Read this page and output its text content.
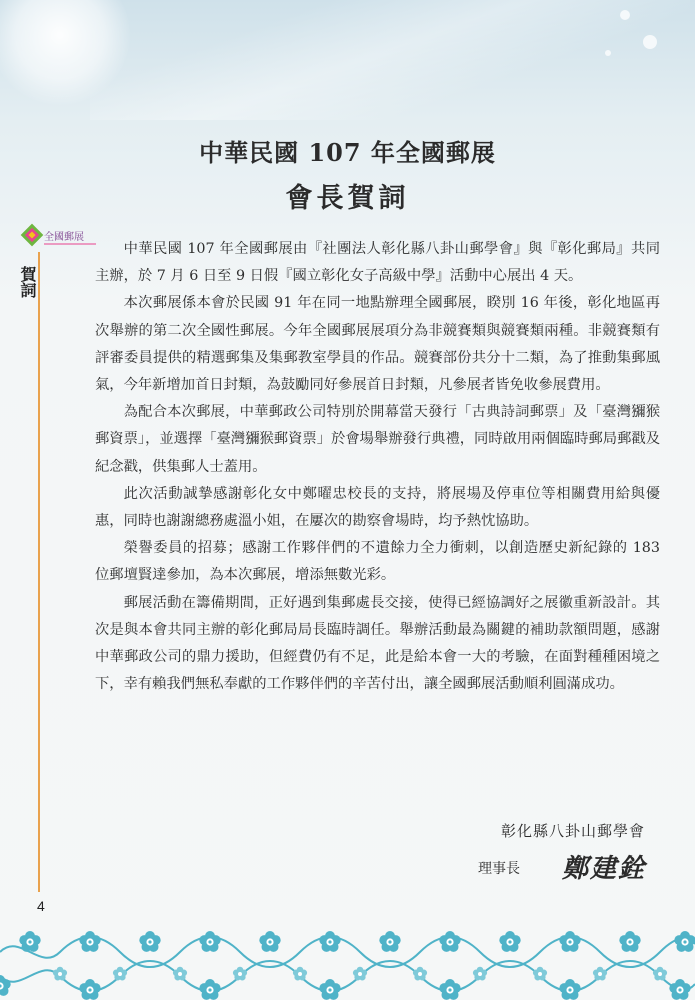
全國郵展
賀詞
4
中華民國 107 年全國郵展
會長賀詞

中華民國 107 年全國郵展由『社團法人彰化縣八卦山郵學會』與『彰化郵局』共同主辦，於 7 月 6 日至 9 日假『國立彰化女子高級中學』活動中心展出 4 天。

本次郵展係本會於民國 91 年在同一地點辦理全國郵展，睽別 16 年後，彰化地區再次舉辦的第二次全國性郵展。今年全國郵展展項分為非競賽類與競賽類兩種。非競賽類有評審委員提供的精選郵集及集郵教室學員的作品。競賽部份共分十二類，為了推動集郵風氣，今年新增加首日封類，為鼓勵同好參展首日封類，凡參展者皆免收參展費用。

為配合本次郵展，中華郵政公司特別於開幕當天發行「古典詩詞郵票」及「臺灣獼猴郵資票」，並選擇「臺灣獼猴郵資票」於會場舉辦發行典禮，同時啟用兩個臨時郵局郵戳及紀念戳，供集郵人士蓋用。

此次活動誠摯感謝彰化女中鄭曜忠校長的支持，將展場及停車位等相關費用給與優惠，同時也謝謝總務處溫小姐，在屢次的勘察會場時，均予熱忱協助。

榮譽委員的招募；感謝工作夥伴們的不遺餘力全力衝刺，以創造歷史新紀錄的 183 位郵壇賢達參加，為本次郵展，增添無數光彩。

郵展活動在籌備期間，正好遇到集郵處長交接，使得已經協調好之展徽重新設計。其次是與本會共同主辦的彰化郵局局長臨時調任。舉辦活動最為關鍵的補助款額問題，感謝中華郵政公司的鼎力援助，但經費仍有不足，此是給本會一大的考驗，在面對種種困境之下，幸有賴我們無私奉獻的工作夥伴們的辛苦付出，讓全國郵展活動順利圓滿成功。

彰化縣八卦山郵學會
理事長 鄭建銓
